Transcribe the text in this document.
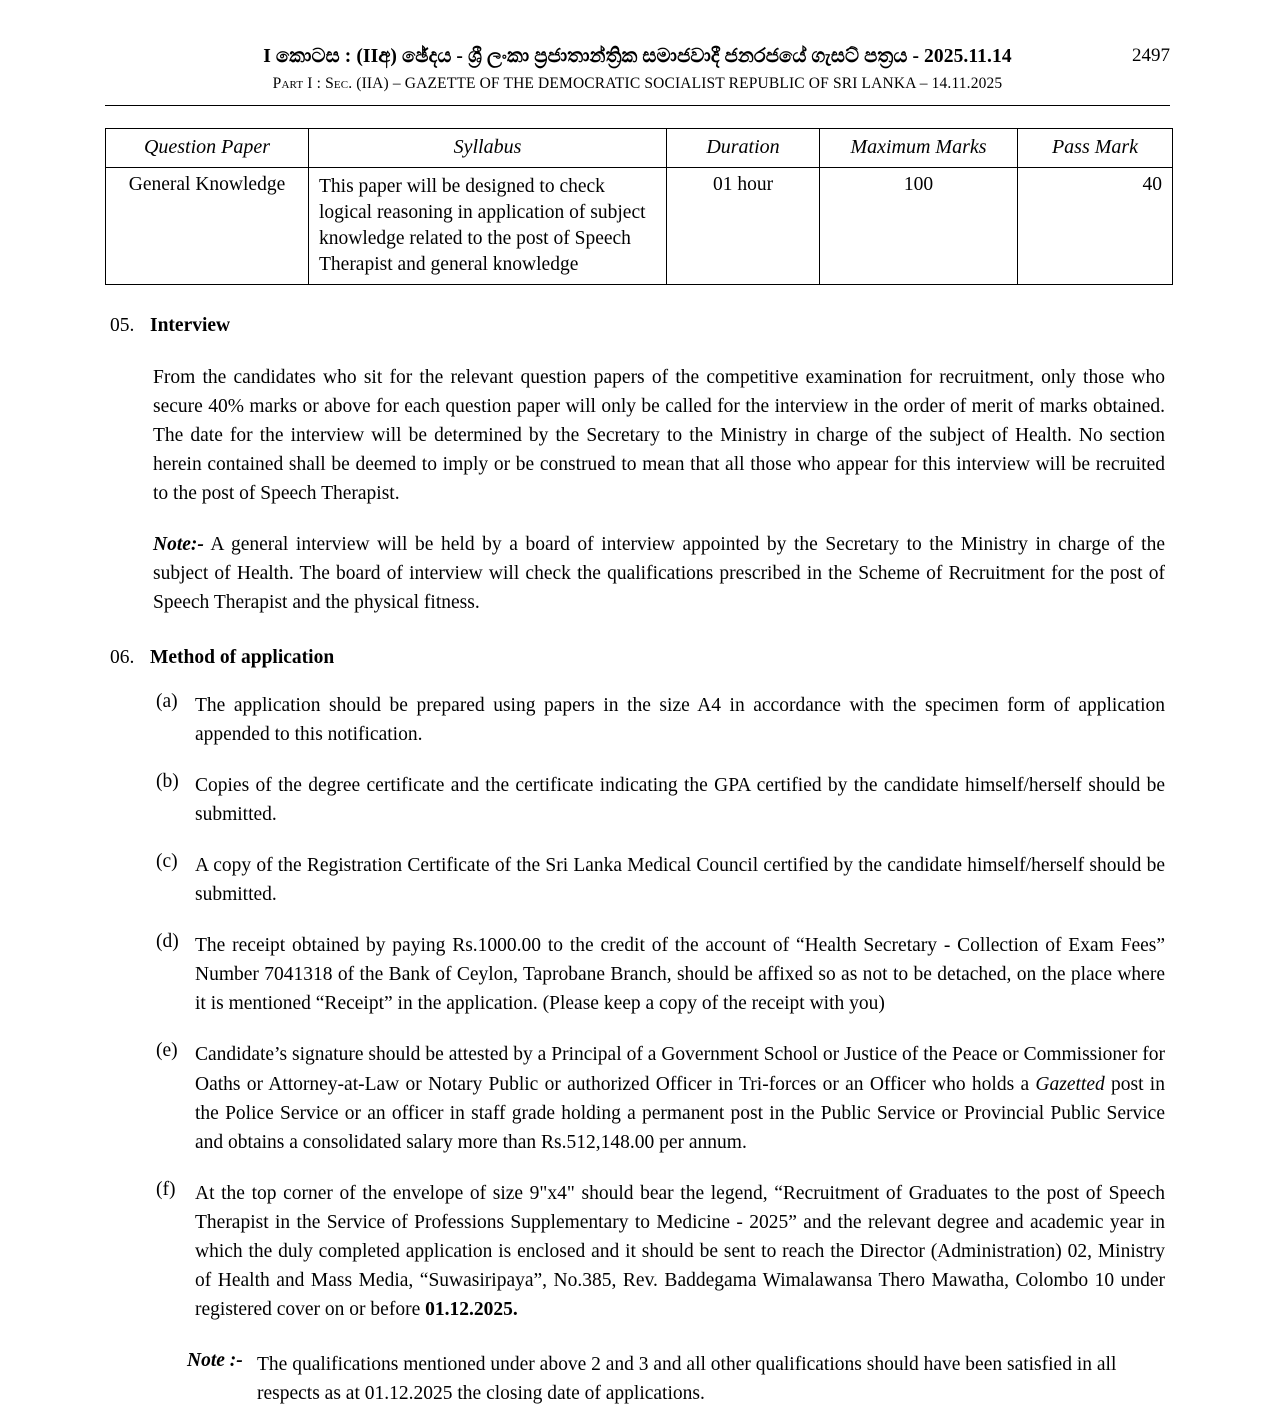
2497
I කොටස : (IIඅ) ඡේදය - ශ්‍රී ලංකා ප්‍රජාතාන්ත්‍රික සමාජවාදී ජනරජයේ ගැසට් පත්‍රය - 2025.11.14
Part I : Sec. (IIA) – GAZETTE OF THE DEMOCRATIC SOCIALIST REPUBLIC OF SRI LANKA – 14.11.2025
Question Paper	Syllabus	Duration	Maximum Marks	Pass Mark
General Knowledge	This paper will be designed to check logical reasoning in application of subject knowledge related to the post of Speech Therapist and general knowledge	01 hour	100	40
05. Interview

From the candidates who sit for the relevant question papers of the competitive examination for recruitment, only those who secure 40% marks or above for each question paper will only be called for the interview in the order of merit of marks obtained. The date for the interview will be determined by the Secretary to the Ministry in charge of the subject of Health. No section herein contained shall be deemed to imply or be construed to mean that all those who appear for this interview will be recruited to the post of Speech Therapist.

Note:- A general interview will be held by a board of interview appointed by the Secretary to the Ministry in charge of the subject of Health. The board of interview will check the qualifications prescribed in the Scheme of Recruitment for the post of Speech Therapist and the physical fitness.

06. Method of application
(a) The application should be prepared using papers in the size A4 in accordance with the specimen form of application appended to this notification.
(b) Copies of the degree certificate and the certificate indicating the GPA certified by the candidate himself/herself should be submitted.
(c) A copy of the Registration Certificate of the Sri Lanka Medical Council certified by the candidate himself/herself should be submitted.
(d) The receipt obtained by paying Rs.1000.00 to the credit of the account of “Health Secretary - Collection of Exam Fees” Number 7041318 of the Bank of Ceylon, Taprobane Branch, should be affixed so as not to be detached, on the place where it is mentioned “Receipt” in the application. (Please keep a copy of the receipt with you)
(e) Candidate’s signature should be attested by a Principal of a Government School or Justice of the Peace or Commissioner for Oaths or Attorney-at-Law or Notary Public or authorized Officer in Tri-forces or an Officer who holds a Gazetted post in the Police Service or an officer in staff grade holding a permanent post in the Public Service or Provincial Public Service and obtains a consolidated salary more than Rs.512,148.00 per annum.
(f)	At the top corner of the envelope of size 9"x4" should bear the legend, “Recruitment of Graduates to the post of Speech Therapist in the Service of Professions Supplementary to Medicine - 2025” and the relevant degree and academic year in which the duly completed application is enclosed and it should be sent to reach the Director (Administration) 02, Ministry of Health and Mass Media, “Suwasiripaya”, No.385, Rev. Baddegama Wimalawansa Thero Mawatha, Colombo 10 under registered cover on or before 01.12.2025.
Note :- The qualifications mentioned under above 2 and 3 and all other qualifications should have been satisfied in all respects as at 01.12.2025 the closing date of applications.
